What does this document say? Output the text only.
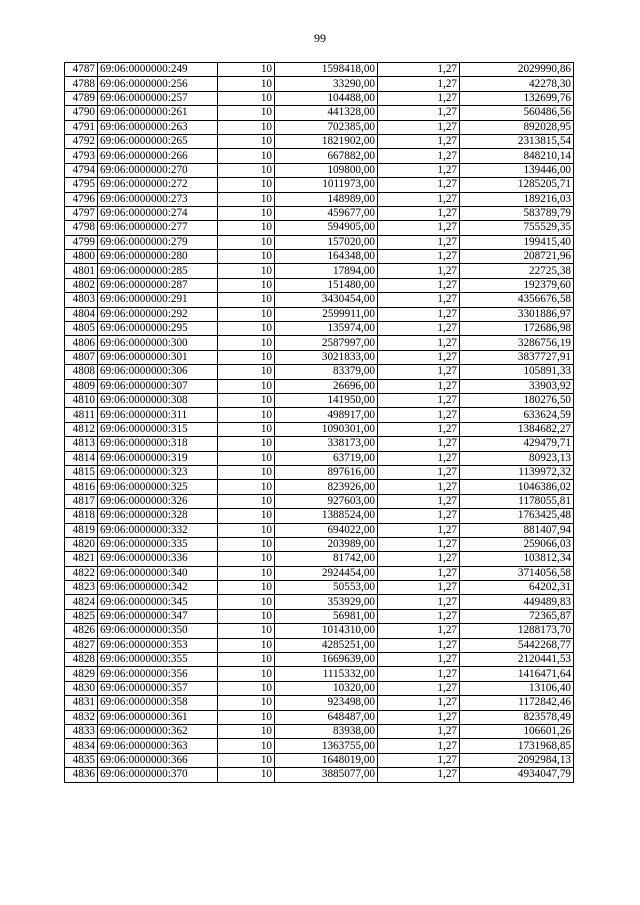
99
4787	69:06:0000000:249	10	1598418,00	1,27	2029990,86
4788	69:06:0000000:256	10	33290,00	1,27	42278,30
4789	69:06:0000000:257	10	104488,00	1,27	132699,76
4790	69:06:0000000:261	10	441328,00	1,27	560486,56
4791	69:06:0000000:263	10	702385,00	1,27	892028,95
4792	69:06:0000000:265	10	1821902,00	1,27	2313815,54
4793	69:06:0000000:266	10	667882,00	1,27	848210,14
4794	69:06:0000000:270	10	109800,00	1,27	139446,00
4795	69:06:0000000:272	10	1011973,00	1,27	1285205,71
4796	69:06:0000000:273	10	148989,00	1,27	189216,03
4797	69:06:0000000:274	10	459677,00	1,27	583789,79
4798	69:06:0000000:277	10	594905,00	1,27	755529,35
4799	69:06:0000000:279	10	157020,00	1,27	199415,40
4800	69:06:0000000:280	10	164348,00	1,27	208721,96
4801	69:06:0000000:285	10	17894,00	1,27	22725,38
4802	69:06:0000000:287	10	151480,00	1,27	192379,60
4803	69:06:0000000:291	10	3430454,00	1,27	4356676,58
4804	69:06:0000000:292	10	2599911,00	1,27	3301886,97
4805	69:06:0000000:295	10	135974,00	1,27	172686,98
4806	69:06:0000000:300	10	2587997,00	1,27	3286756,19
4807	69:06:0000000:301	10	3021833,00	1,27	3837727,91
4808	69:06:0000000:306	10	83379,00	1,27	105891,33
4809	69:06:0000000:307	10	26696,00	1,27	33903,92
4810	69:06:0000000:308	10	141950,00	1,27	180276,50
4811	69:06:0000000:311	10	498917,00	1,27	633624,59
4812	69:06:0000000:315	10	1090301,00	1,27	1384682,27
4813	69:06:0000000:318	10	338173,00	1,27	429479,71
4814	69:06:0000000:319	10	63719,00	1,27	80923,13
4815	69:06:0000000:323	10	897616,00	1,27	1139972,32
4816	69:06:0000000:325	10	823926,00	1,27	1046386,02
4817	69:06:0000000:326	10	927603,00	1,27	1178055,81
4818	69:06:0000000:328	10	1388524,00	1,27	1763425,48
4819	69:06:0000000:332	10	694022,00	1,27	881407,94
4820	69:06:0000000:335	10	203989,00	1,27	259066,03
4821	69:06:0000000:336	10	81742,00	1,27	103812,34
4822	69:06:0000000:340	10	2924454,00	1,27	3714056,58
4823	69:06:0000000:342	10	50553,00	1,27	64202,31
4824	69:06:0000000:345	10	353929,00	1,27	449489,83
4825	69:06:0000000:347	10	56981,00	1,27	72365,87
4826	69:06:0000000:350	10	1014310,00	1,27	1288173,70
4827	69:06:0000000:353	10	4285251,00	1,27	5442268,77
4828	69:06:0000000:355	10	1669639,00	1,27	2120441,53
4829	69:06:0000000:356	10	1115332,00	1,27	1416471,64
4830	69:06:0000000:357	10	10320,00	1,27	13106,40
4831	69:06:0000000:358	10	923498,00	1,27	1172842,46
4832	69:06:0000000:361	10	648487,00	1,27	823578,49
4833	69:06:0000000:362	10	83938,00	1,27	106601,26
4834	69:06:0000000:363	10	1363755,00	1,27	1731968,85
4835	69:06:0000000:366	10	1648019,00	1,27	2092984,13
4836	69:06:0000000:370	10	3885077,00	1,27	4934047,79
